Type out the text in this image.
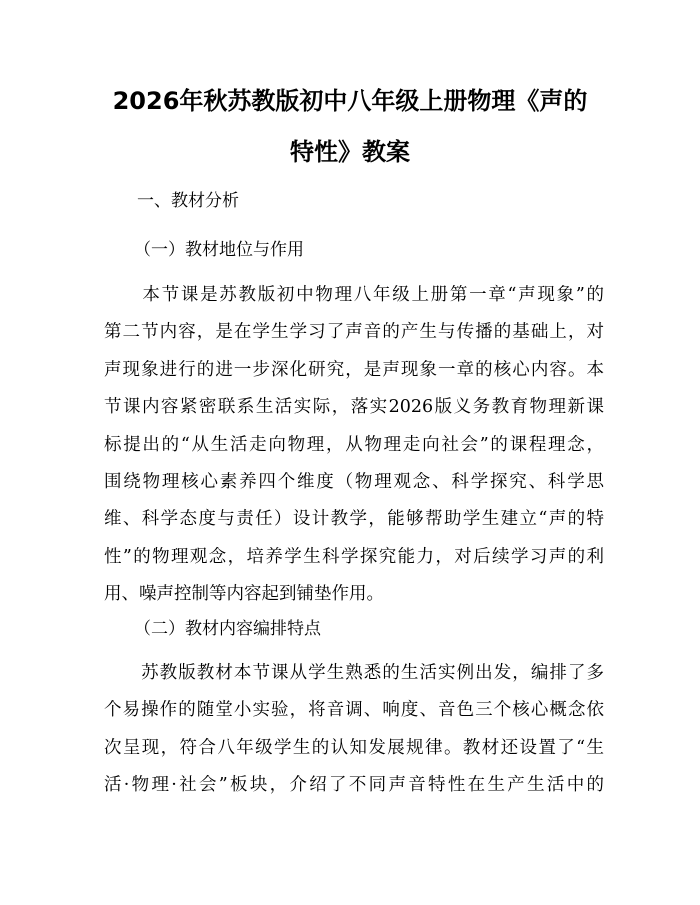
2026年秋苏教版初中八年级上册物理《声的
特性》教案
一、教材分析
（一）教材地位与作用
　　本节课是苏教版初中物理八年级上册第一章“声现象”的
第二节内容，是在学生学习了声音的产生与传播的基础上，对
声现象进行的进一步深化研究，是声现象一章的核心内容。本
节课内容紧密联系生活实际，落实2026版义务教育物理新课
标提出的“从生活走向物理，从物理走向社会”的课程理念，
围绕物理核心素养四个维度（物理观念、科学探究、科学思
维、科学态度与责任）设计教学，能够帮助学生建立“声的特
性”的物理观念，培养学生科学探究能力，对后续学习声的利
用、噪声控制等内容起到铺垫作用。
（二）教材内容编排特点
　　苏教版教材本节课从学生熟悉的生活实例出发，编排了多
个易操作的随堂小实验，将音调、响度、音色三个核心概念依
次呈现，符合八年级学生的认知发展规律。教材还设置了“生
活·物理·社会”板块，介绍了不同声音特性在生产生活中的
